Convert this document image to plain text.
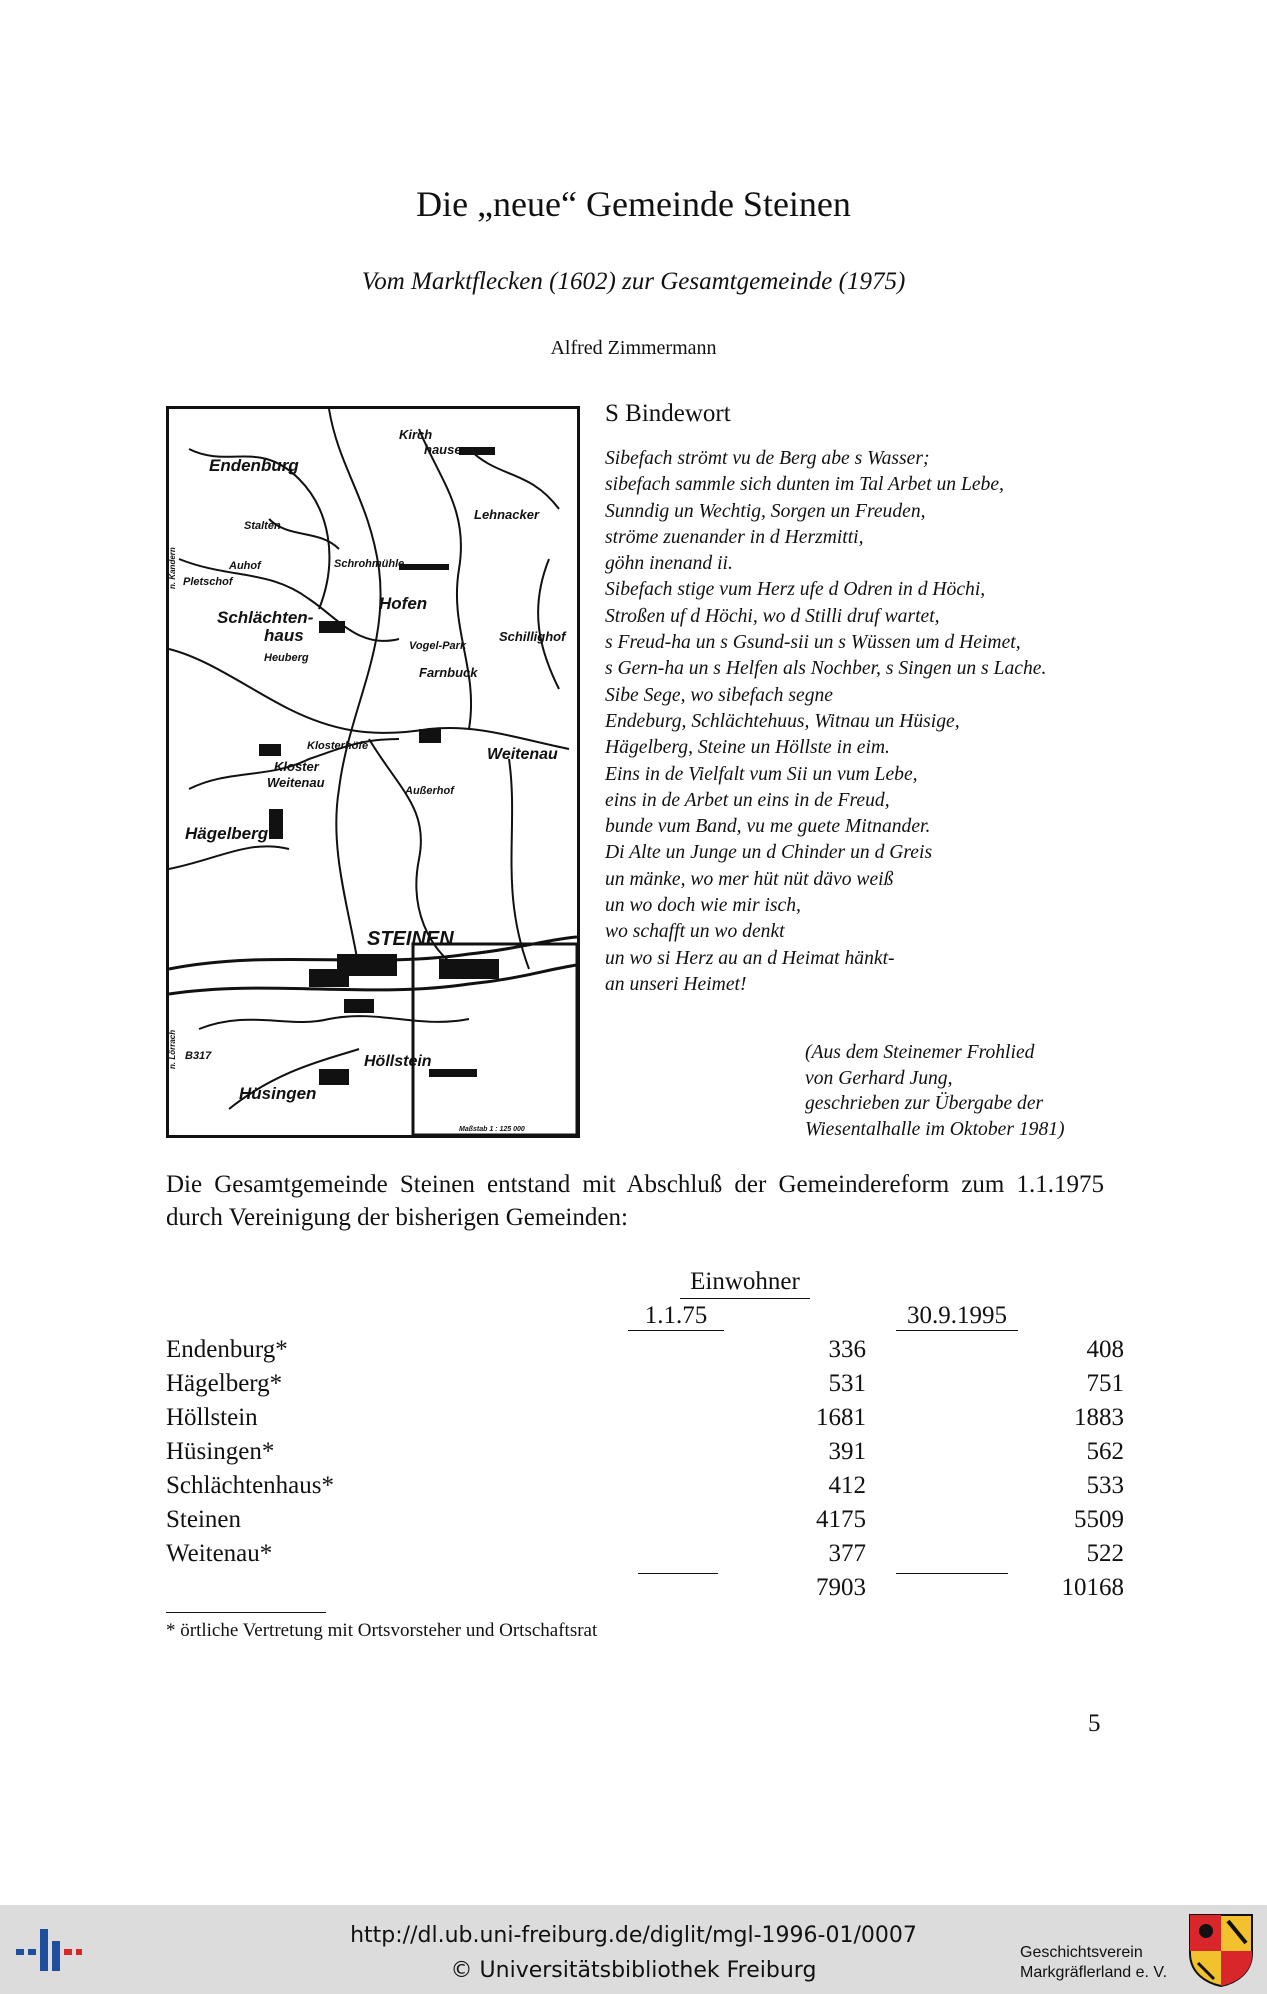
Die „neue“ Gemeinde Steinen
Vom Marktflecken (1602) zur Gesamtgemeinde (1975)
Alfred Zimmermann
Endenburg
Kirch
hausen
Lehnacker
Stalten
Auhof
Pletschof
Schrohmühle
Hofen
Schlächten-
haus
Heuberg
Vogel-Park
Schillighof
Farnbuck
Klosterhöfe
Kloster
Weitenau
Weitenau
Außerhof
Hägelberg
STEINEN
Höllstein
Hüsingen
B317
n. Kandern
n. Lörrach
Maßstab 1 : 125 000
S Bindewort
Sibefach strömt vu de Berg abe s Wasser;
sibefach sammle sich dunten im Tal Arbet un Lebe,
Sunndig un Wechtig, Sorgen un Freuden,
ströme zuenander in d Herzmitti,
göhn inenand ii.
Sibefach stige vum Herz ufe d Odren in d Höchi,
Stroßen uf d Höchi, wo d Stilli druf wartet,
s Freud-ha un s Gsund-sii un s Wüssen um d Heimet,
s Gern-ha un s Helfen als Nochber, s Singen un s Lache.
Sibe Sege, wo sibefach segne
Endeburg, Schlächtehuus, Witnau un Hüsige,
Hägelberg, Steine un Höllste in eim.
Eins in de Vielfalt vum Sii un vum Lebe,
eins in de Arbet un eins in de Freud,
bunde vum Band, vu me guete Mitnander.
Di Alte un Junge un d Chinder un d Greis
un mänke, wo mer hüt nüt dävo weiß
un wo doch wie mir isch,
wo schafft un wo denkt
un wo si Herz au an d Heimat hänkt-
an unseri Heimet!
(Aus dem Steinemer Frohlied
von Gerhard Jung,
geschrieben zur Übergabe der
Wiesentalhalle im Oktober 1981)
Die Gesamtgemeinde Steinen entstand mit Abschluß der Gemeindereform zum 1.1.1975 durch Vereinigung der bisherigen Gemeinden:
Einwohner
1.1.75	30.9.1995
Endenburg*	336	408
Hägelberg*	531	751
Höllstein	1681	1883
Hüsingen*	391	562
Schlächtenhaus*	412	533
Steinen	4175	5509
Weitenau*	377	522
7903	10168
* örtliche Vertretung mit Ortsvorsteher und Ortschaftsrat
5
http://dl.ub.uni-freiburg.de/diglit/mgl-1996-01/0007
© Universitätsbibliothek Freiburg
Geschichtsverein
Markgräflerland e. V.
